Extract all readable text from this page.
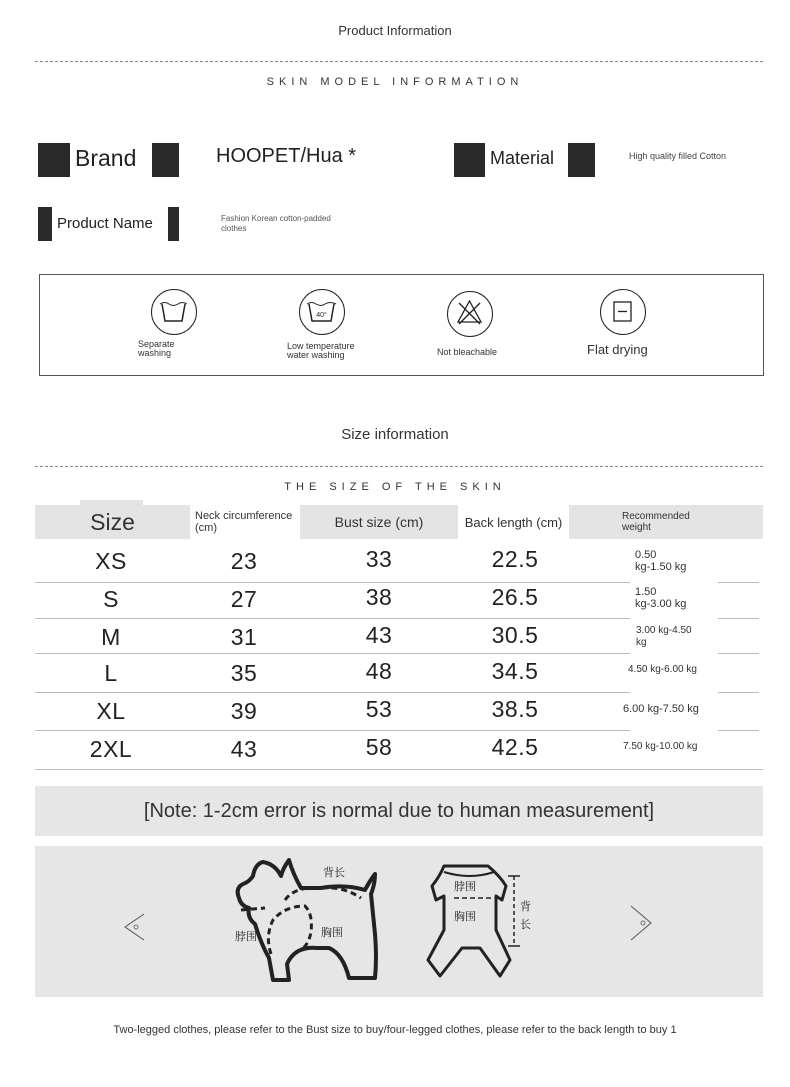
Product Information
SKIN MODEL INFORMATION
Brand	HOOPET/Hua *	Material	High quality filled Cotton
Product Name	Fashion Korean cotton-padded
clothes
Separate
washing
40°
Low temperature
water washing	Not bleachable	Flat drying
Size information
THE SIZE OF THE SKIN
Size	Neck circumference
(cm)	Bust size (cm)	Back length (cm)	Recommended
weight
XS	23	33	22.5	0.50
kg-1.50 kg
S	27	38	26.5	1.50
kg-3.00 kg
M	31	43	30.5	3.00 kg-4.50
kg
L	35	48	34.5	4.50 kg-6.00 kg
XL	39	53	38.5	6.00 kg-7.50 kg
2XL	43	58	42.5	7.50 kg-10.00 kg
[Note: 1-2cm error is normal due to human measurement]
背长
脖围	胸围
脖围
胸围
背
长
Two-legged clothes, please refer to the Bust size to buy/four-legged clothes, please refer to the back length to buy 1
